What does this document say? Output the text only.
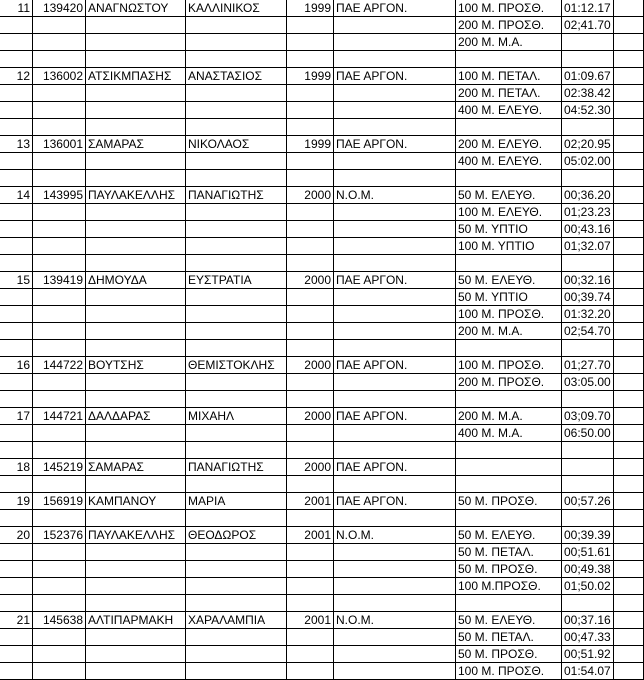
11	139420 ΑΝΑΓΝΩΣΤΟΥ	ΚΑΛΛΙΝΙΚΟΣ	1999 ΠΑΕ ΑΡΓΟΝ.	100 Μ. ΠΡΟΣΘ.	01:12.17
200 Μ. ΠΡΟΣΘ.	02;41.70
200 Μ. Μ.Α.
12	136002 ΑΤΣΙΚΜΠΑΣΗΣ	ΑΝΑΣΤΑΣΙΟΣ	1999 ΠΑΕ ΑΡΓΟΝ.	100 Μ. ΠΕΤΑΛ.	01:09.67
200 Μ. ΠΕΤΑΛ.	02:38.42
400 Μ. ΕΛΕΥΘ.	04:52.30
13	136001 ΣΑΜΑΡΑΣ	ΝΙΚΟΛΑΟΣ	1999 ΠΑΕ ΑΡΓΟΝ.	200 Μ. ΕΛΕΥΘ.	02;20.95
400 Μ. ΕΛΕΥΘ.	05:02.00
14	143995 ΠΑΥΛΑΚΕΛΛΗΣ	ΠΑΝΑΓΙΩΤΗΣ	2000 Ν.Ο.Μ.	50 Μ. ΕΛΕΥΘ.	00;36.20
100 Μ. ΕΛΕΥΘ.	01;23.23
50 Μ. ΥΠΤΙΟ	00;43.16
100 Μ. ΥΠΤΙΟ	01;32.07
15	139419 ΔΗΜΟΥΔΑ	ΕΥΣΤΡΑΤΙΑ	2000 ΠΑΕ ΑΡΓΟΝ.	50 Μ. ΕΛΕΥΘ.	00;32.16
50 Μ. ΥΠΤΙΟ	00;39.74
100 Μ. ΠΡΟΣΘ.	01:32.20
200 Μ. Μ.Α.	02;54.70
16	144722 ΒΟΥΤΣΗΣ	ΘΕΜΙΣΤΟΚΛΗΣ	2000 ΠΑΕ ΑΡΓΟΝ.	100 Μ. ΠΡΟΣΘ.	01;27.70
200 Μ. ΠΡΟΣΘ.	03:05.00
17	144721 ΔΑΛΔΑΡΑΣ	ΜΙΧΑΗΛ	2000 ΠΑΕ ΑΡΓΟΝ.	200 Μ. Μ.Α.	03;09.70
400 Μ. Μ.Α.	06:50.00
18	145219 ΣΑΜΑΡΑΣ	ΠΑΝΑΓΙΩΤΗΣ	2000 ΠΑΕ ΑΡΓΟΝ.
19	156919 ΚΑΜΠΑΝΟΥ	ΜΑΡΙΑ	2001 ΠΑΕ ΑΡΓΟΝ.	50 Μ. ΠΡΟΣΘ.	00;57.26
20	152376 ΠΑΥΛΑΚΕΛΛΗΣ	ΘΕΟΔΩΡΟΣ	2001 Ν.Ο.Μ.	50 Μ. ΕΛΕΥΘ.	00;39.39
50 Μ. ΠΕΤΑΛ.	00;51.61
50 Μ. ΠΡΟΣΘ.	00;49.38
100 Μ.ΠΡΟΣΘ.	01;50.02
21	145638 ΑΛΤΙΠΑΡΜΑΚΗ	ΧΑΡΑΛΑΜΠΙΑ	2001 Ν.Ο.Μ.	50 Μ. ΕΛΕΥΘ.	00;37.16
50 Μ. ΠΕΤΑΛ.	00;47.33
50 Μ. ΠΡΟΣΘ.	00;51.92
100 Μ. ΠΡΟΣΘ.	01:54.07
